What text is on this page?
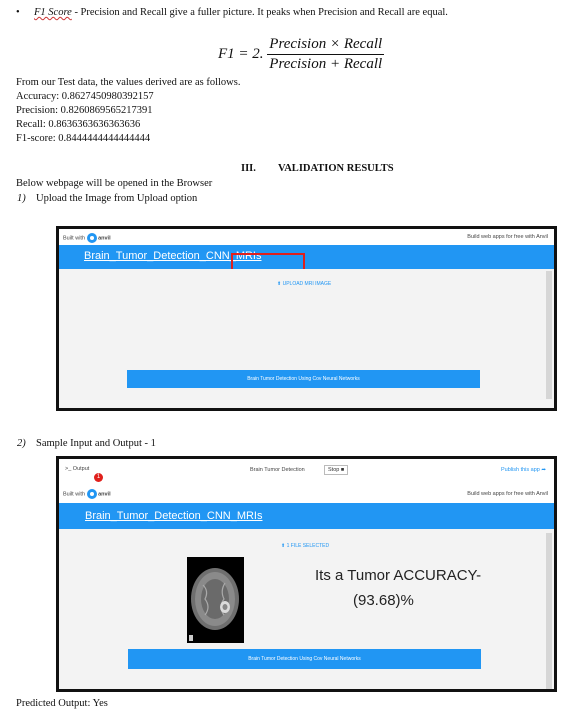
• F1 Score - Precision and Recall give a fuller picture. It peaks when Precision and Recall are equal.
F1 = 2. $\frac{\text{Precision × Recall}}{\text{Precision + Recall}}$
From our Test data, the values derived are as follows.
Accuracy: 0.8627450980392157
Precision: 0.8260869565217391
Recall: 0.8636363636363636
F1-score: 0.8444444444444444
III. VALIDATION RESULTS
Below webpage will be opened in the Browser
1) Upload the Image from Upload option
Built with anvil	Build web apps for free with Anvil
Brain_Tumor_Detection_CNN_MRIs
⬆ UPLOAD MRI IMAGE
Brain Tumor Detection Using Cov Neural Networks
2) Sample Input and Output - 1
>_ Output
1
Brain Tumor Detection	Stop ■	Publish this app ➦
Built with anvil	Build web apps for free with Anvil
Brain_Tumor_Detection_CNN_MRIs
⬆ 1 FILE SELECTED
Its a Tumor ACCURACY-
(93.68)%
Brain Tumor Detection Using Cov Neural Networks
Predicted Output: Yes
